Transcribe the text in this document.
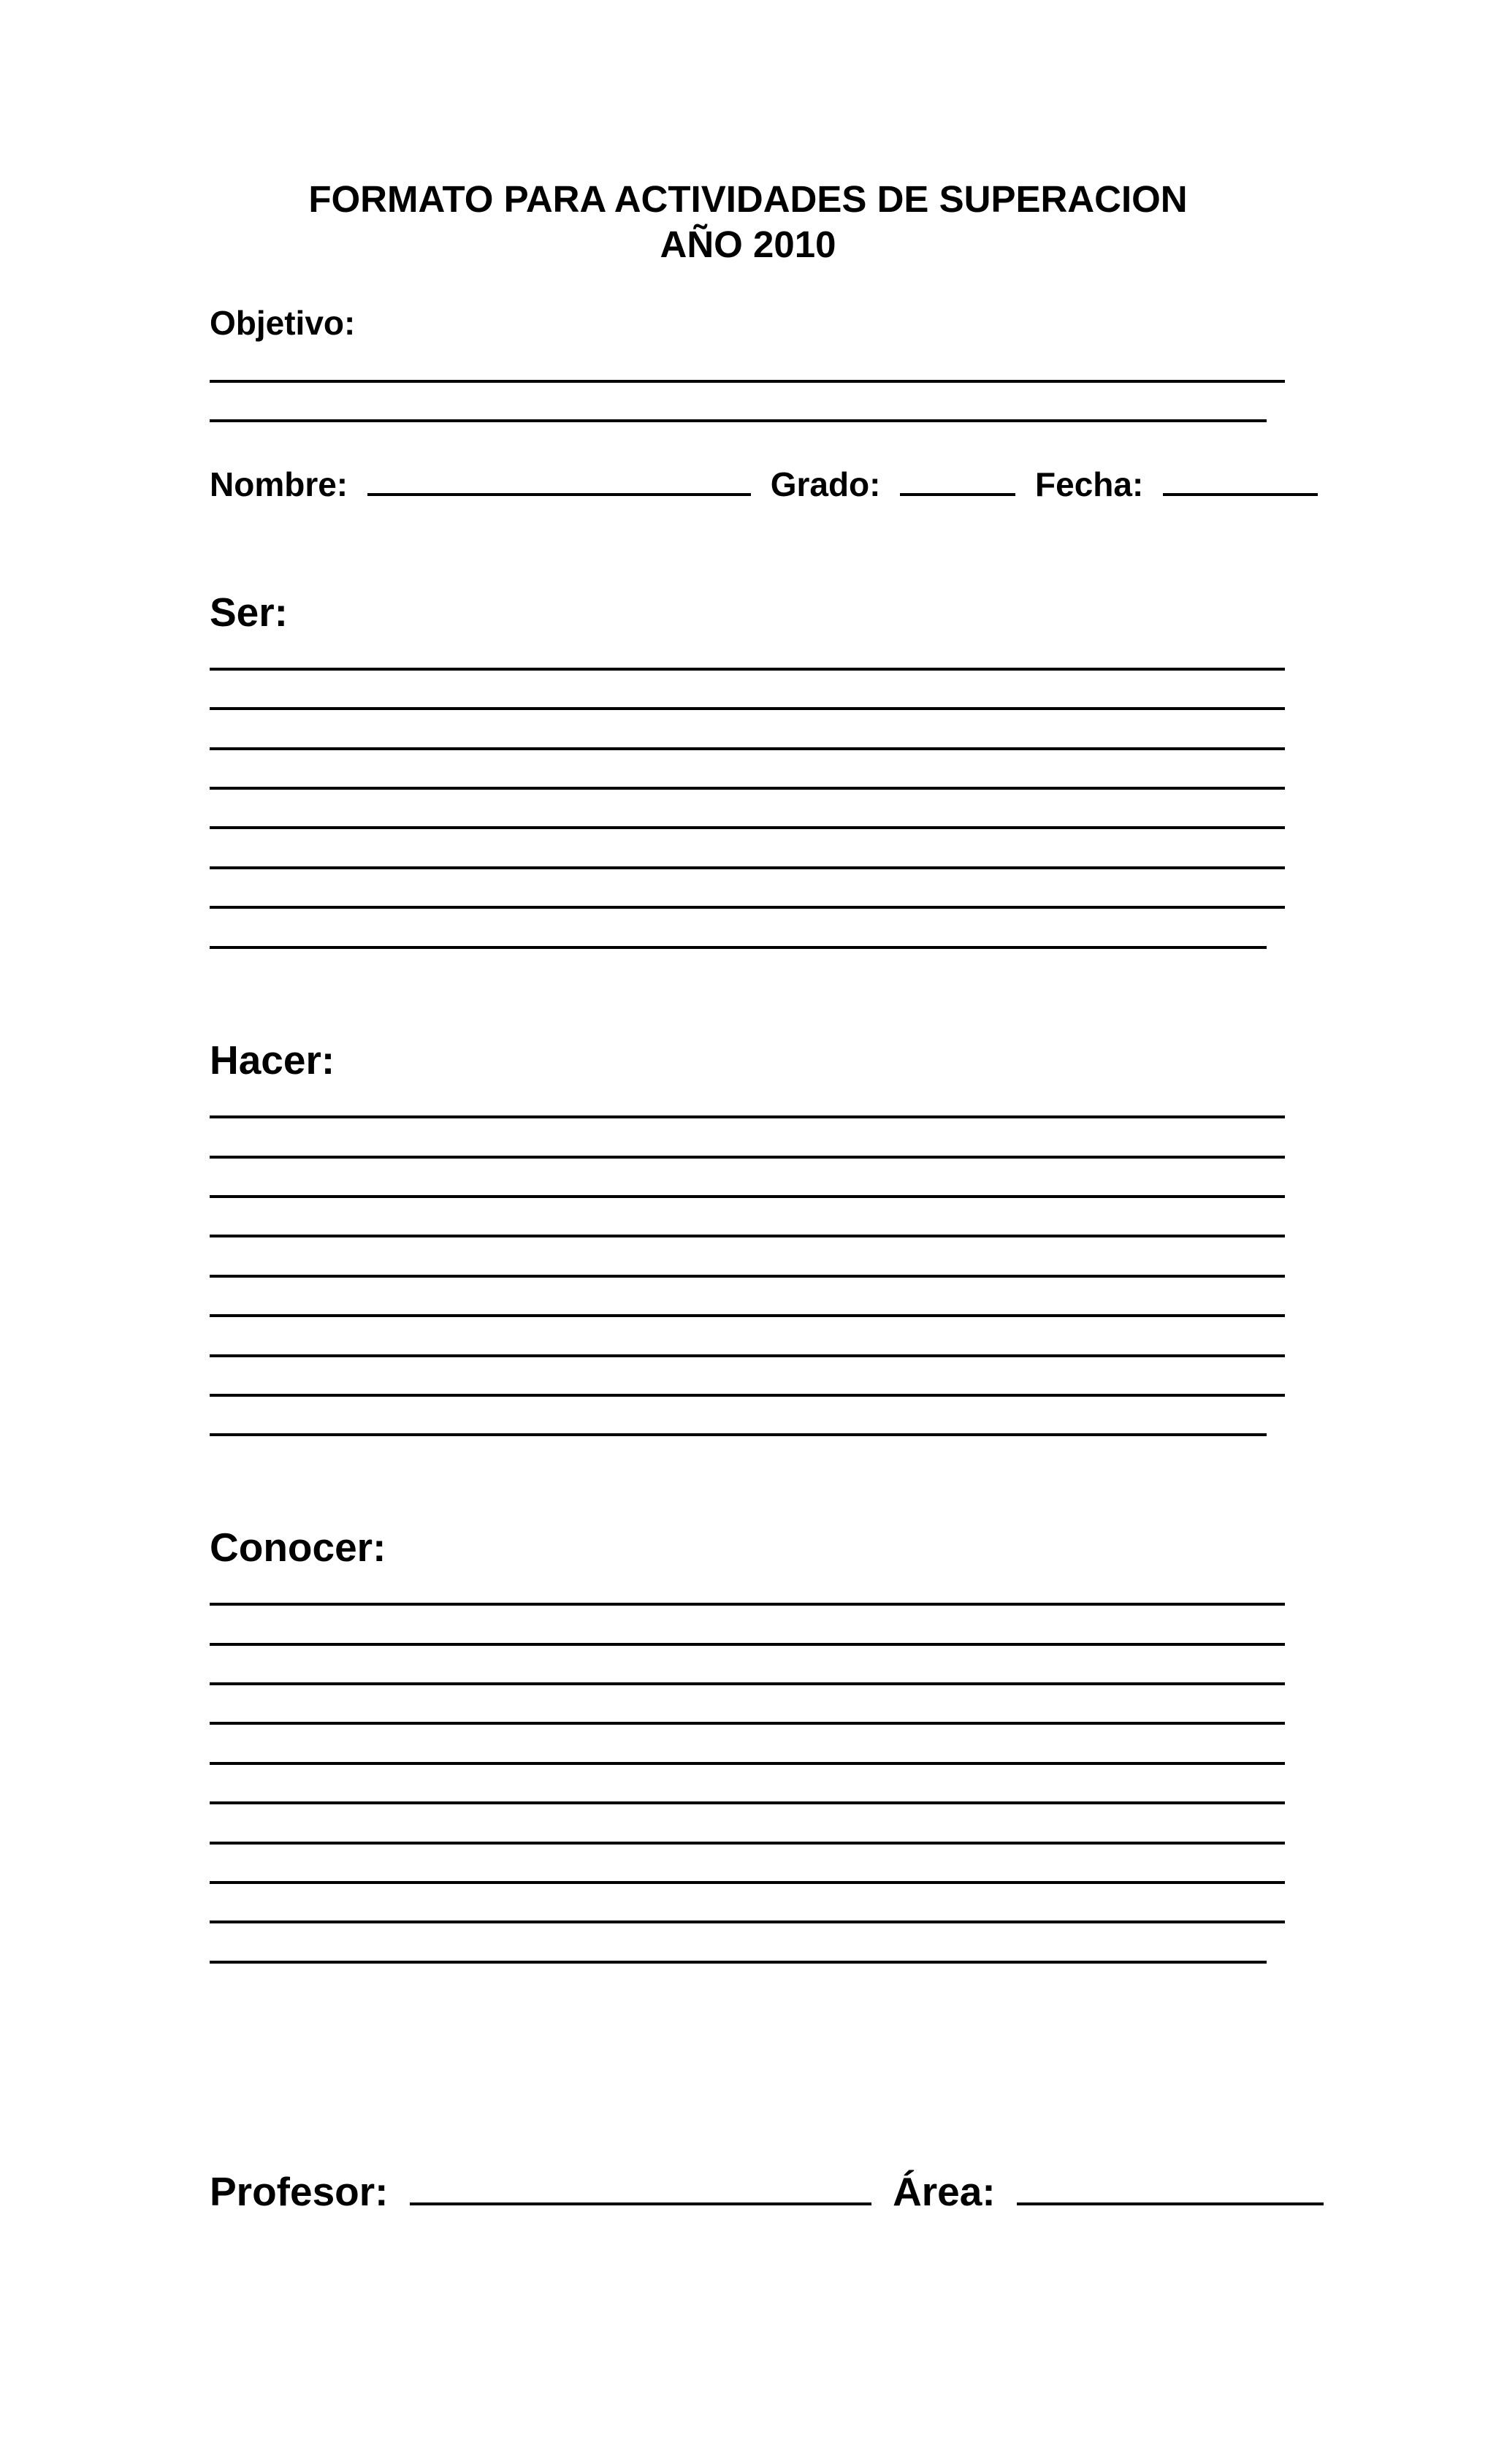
FORMATO PARA ACTIVIDADES DE SUPERACION
AÑO 2010
Objetivo:
Nombre:	Grado:	Fecha:
Ser:
Hacer:
Conocer:
Profesor:	Área:
